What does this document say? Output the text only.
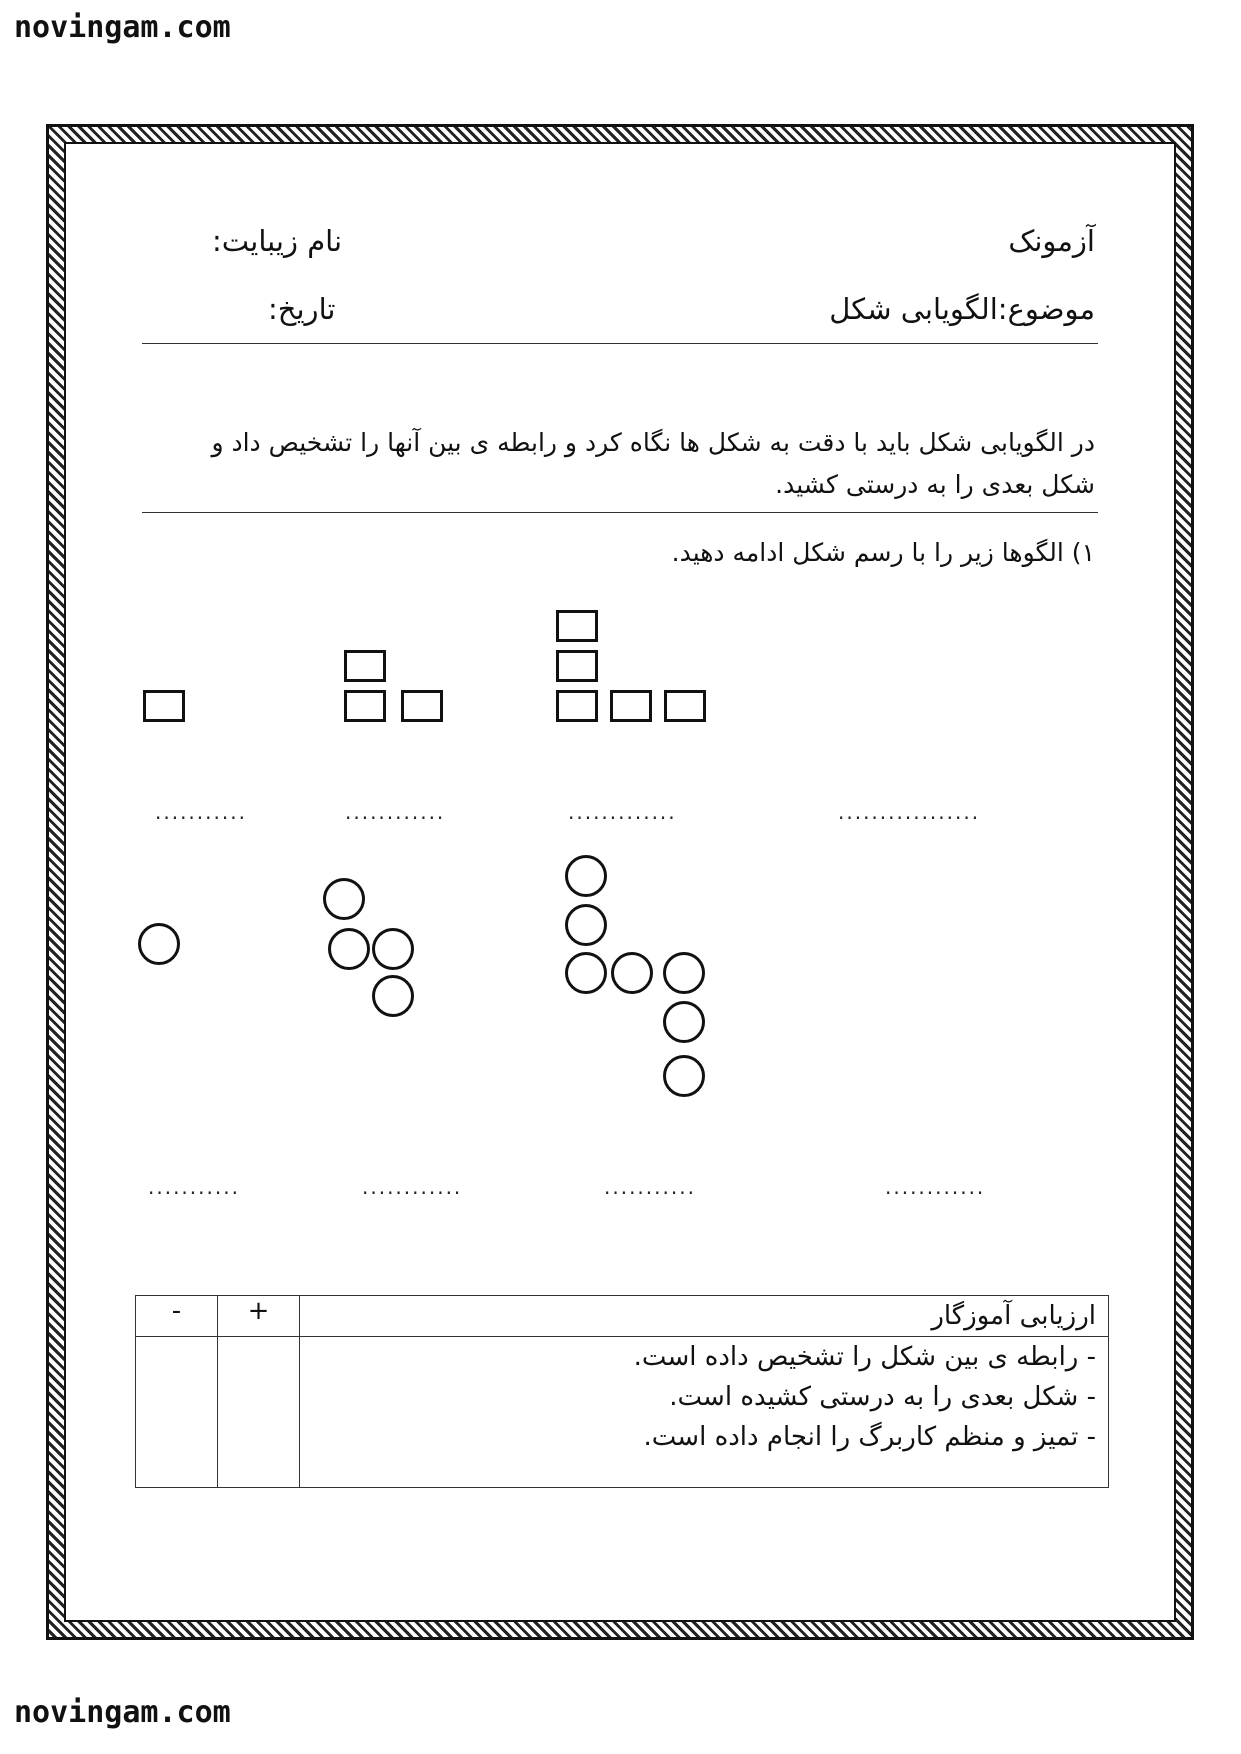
novingam.com
آزمونک
نام زیبایت:
موضوع:الگویابی شکل
تاریخ:
در الگویابی شکل باید با دقت به شکل ها نگاه کرد و رابطه ی بین آنها را تشخیص داد و
شکل بعدی را به درستی کشید.
۱) الگوها زیر را با رسم شکل ادامه دهید.
...........	............	.............	.................
...........	............	...........	............
-	+	ارزیابی آموزگار

		- رابطه ی بین شکل را تشخیص داده است.
- شکل بعدی را به درستی کشیده است.
- تمیز و منظم کاربرگ را انجام داده است.
novingam.com
